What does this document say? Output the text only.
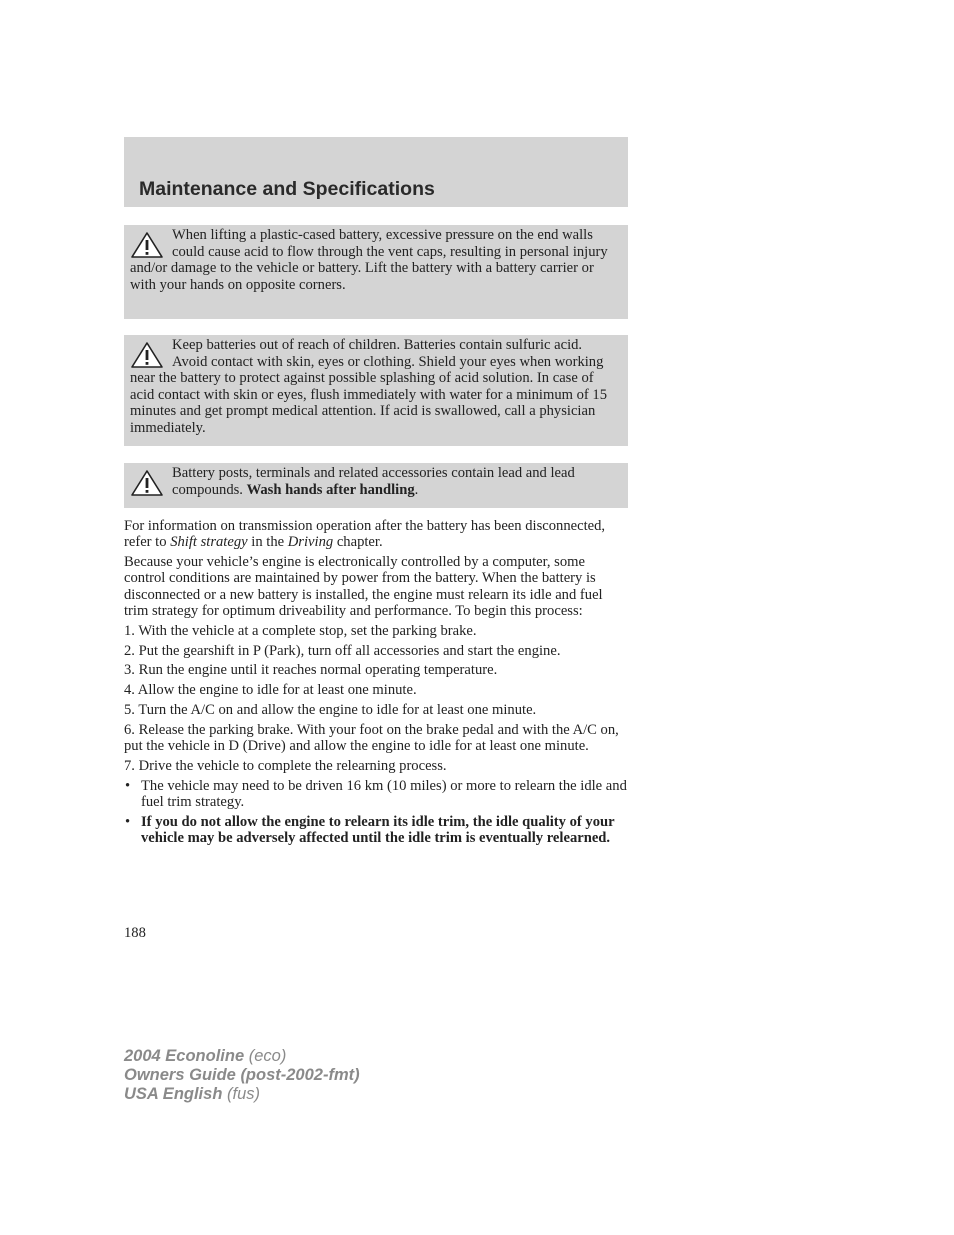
Maintenance and Specifications

When lifting a plastic-cased battery, excessive pressure on the end walls could cause acid to flow through the vent caps, resulting in personal injury and/or damage to the vehicle or battery. Lift the battery with a battery carrier or with your hands on opposite corners.

Keep batteries out of reach of children. Batteries contain sulfuric acid. Avoid contact with skin, eyes or clothing. Shield your eyes when working near the battery to protect against possible splashing of acid solution. In case of acid contact with skin or eyes, flush immediately with water for a minimum of 15 minutes and get prompt medical attention. If acid is swallowed, call a physician immediately.

Battery posts, terminals and related accessories contain lead and lead compounds. Wash hands after handling.

For information on transmission operation after the battery has been disconnected, refer to Shift strategy in the Driving chapter.

Because your vehicle’s engine is electronically controlled by a computer, some control conditions are maintained by power from the battery. When the battery is disconnected or a new battery is installed, the engine must relearn its idle and fuel trim strategy for optimum driveability and performance. To begin this process:

1. With the vehicle at a complete stop, set the parking brake.

2. Put the gearshift in P (Park), turn off all accessories and start the engine.

3. Run the engine until it reaches normal operating temperature.

4. Allow the engine to idle for at least one minute.

5. Turn the A/C on and allow the engine to idle for at least one minute.

6. Release the parking brake. With your foot on the brake pedal and with the A/C on, put the vehicle in D (Drive) and allow the engine to idle for at least one minute.

7. Drive the vehicle to complete the relearning process.

• The vehicle may need to be driven 16 km (10 miles) or more to relearn the idle and fuel trim strategy.
• If you do not allow the engine to relearn its idle trim, the idle quality of your vehicle may be adversely affected until the idle trim is eventually relearned.
188
2004 Econoline (eco)
Owners Guide (post-2002-fmt)
USA English (fus)
